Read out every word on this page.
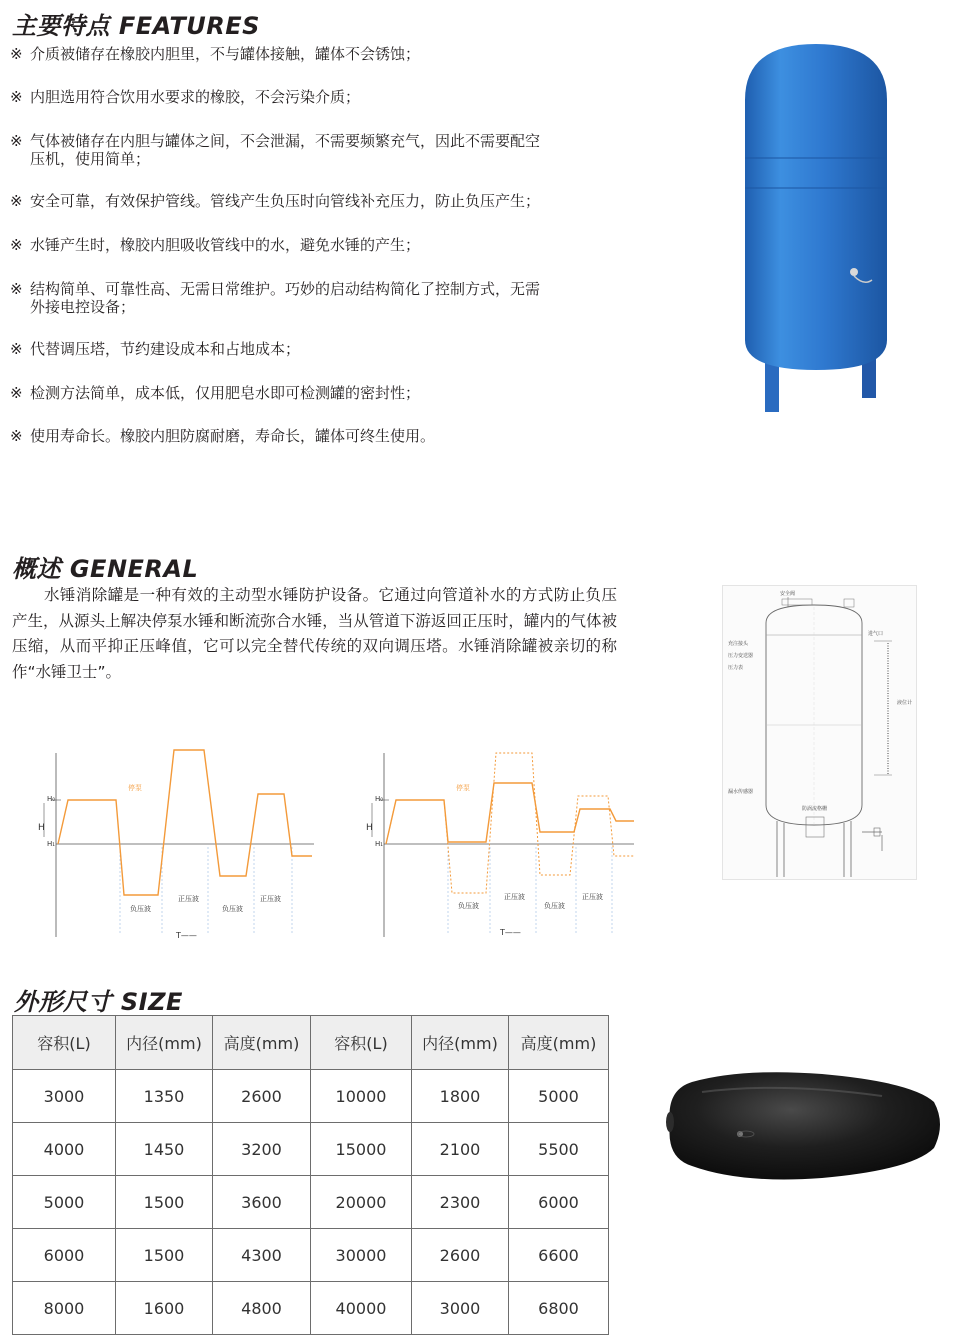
主要特点 FEATURES
※ 介质被储存在橡胶内胆里，不与罐体接触，罐体不会锈蚀；
※ 内胆选用符合饮用水要求的橡胶，不会污染介质；
※ 气体被储存在内胆与罐体之间，不会泄漏，不需要频繁充气，因此不需要配空
压机，使用简单；
※ 安全可靠，有效保护管线。管线产生负压时向管线补充压力，防止负压产生；
※ 水锤产生时，橡胶内胆吸收管线中的水，避免水锤的产生；
※ 结构简单、可靠性高、无需日常维护。巧妙的启动结构简化了控制方式，无需
外接电控设备；
※ 代替调压塔，节约建设成本和占地成本；
※ 检测方法简单，成本低，仅用肥皂水即可检测罐的密封性；
※ 使用寿命长。橡胶内胆防腐耐磨，寿命长，罐体可终生使用。
概述 GENERAL
水锤消除罐是一种有效的主动型水锤防护设备。它通过向管道补水的方式防止负压产生，从源头上解决停泵水锤和断流弥合水锤，当从管道下游返回正压时，罐内的气体被压缩，从而平抑正压峰值，它可以完全替代传统的双向调压塔。水锤消除罐被亲切的称作“水锤卫士”。
H₀
H
H₁
停泵
负压波
正压波
负压波
正压波
T——
H₀
H
H₁
停泵
负压波
正压波
负压波
正压波
T——
安全阀
进气口
液位计
充注接头
压力变送器
压力表
漏水传感器
防涡流格栅
外形尺寸 SIZE
容积(L)	内径(mm)	高度(mm)	容积(L)	内径(mm)	高度(mm)
3000	1350	2600	10000	1800	5000
4000	1450	3200	15000	2100	5500
5000	1500	3600	20000	2300	6000
6000	1500	4300	30000	2600	6600
8000	1600	4800	40000	3000	6800
